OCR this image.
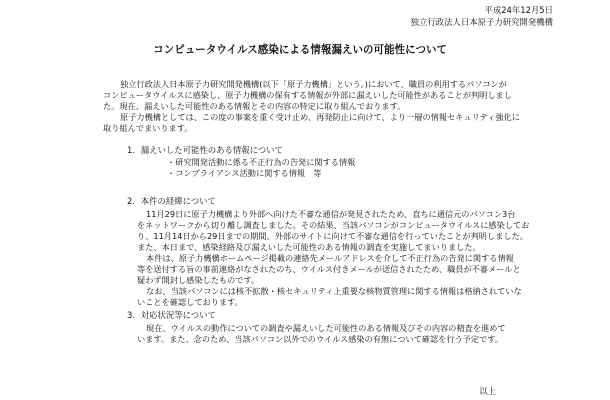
平成24年12月5日
独立行政法人日本原子力研究開発機構
コンピュータウイルス感染による情報漏えいの可能性について
独立行政法人日本原子力研究開発機構(以下「原子力機構」という。)において、職員の利用するパソコンが
コンピュータウイルスに感染し、原子力機構の保有する情報が外部に漏えいした可能性があることが判明しまし
た。現在、漏えいした可能性のある情報とその内容の特定に取り組んでおります。
原子力機構としては、この度の事案を重く受け止め、再発防止に向けて、より一層の情報セキュリティ強化に
取り組んでまいります。
1．漏えいした可能性のある情報について
・研究開発活動に係る不正行為の告発に関する情報
・コンプライアンス活動に関する情報　等
2．本件の経緯について
11月29日に原子力機構より外部へ向けた不審な通信が発見されたため、直ちに通信元のパソコン3台
をネットワークから切り離し調査しました。その結果、当該パソコンがコンピュータウイルスに感染してお
り、11月14日から29日までの期間、外部のサイトに向けて不審な通信を行っていたことが判明しました。
また、本日まで、感染経路及び漏えいした可能性のある情報の調査を実施してまいりました。
本件は、原子力機構ホームページ掲載の連絡先メールアドレスを介して不正行為の告発に関する情報
等を送付する旨の事前連絡がなされたのち、ウイルス付きメールが送信されたため、職員が不審メールと
疑わず開封し感染したものです。
なお、当該パソコンには核不拡散・核セキュリティ上重要な核物質管理に関する情報は格納されていな
いことを確認しております。
3．対応状況等について
現在、ウイルスの動作についての調査や漏えいした可能性のある情報及びその内容の精査を進めて
います。また、念のため、当該パソコン以外でのウイルス感染の有無について確認を行う予定です。
以上
